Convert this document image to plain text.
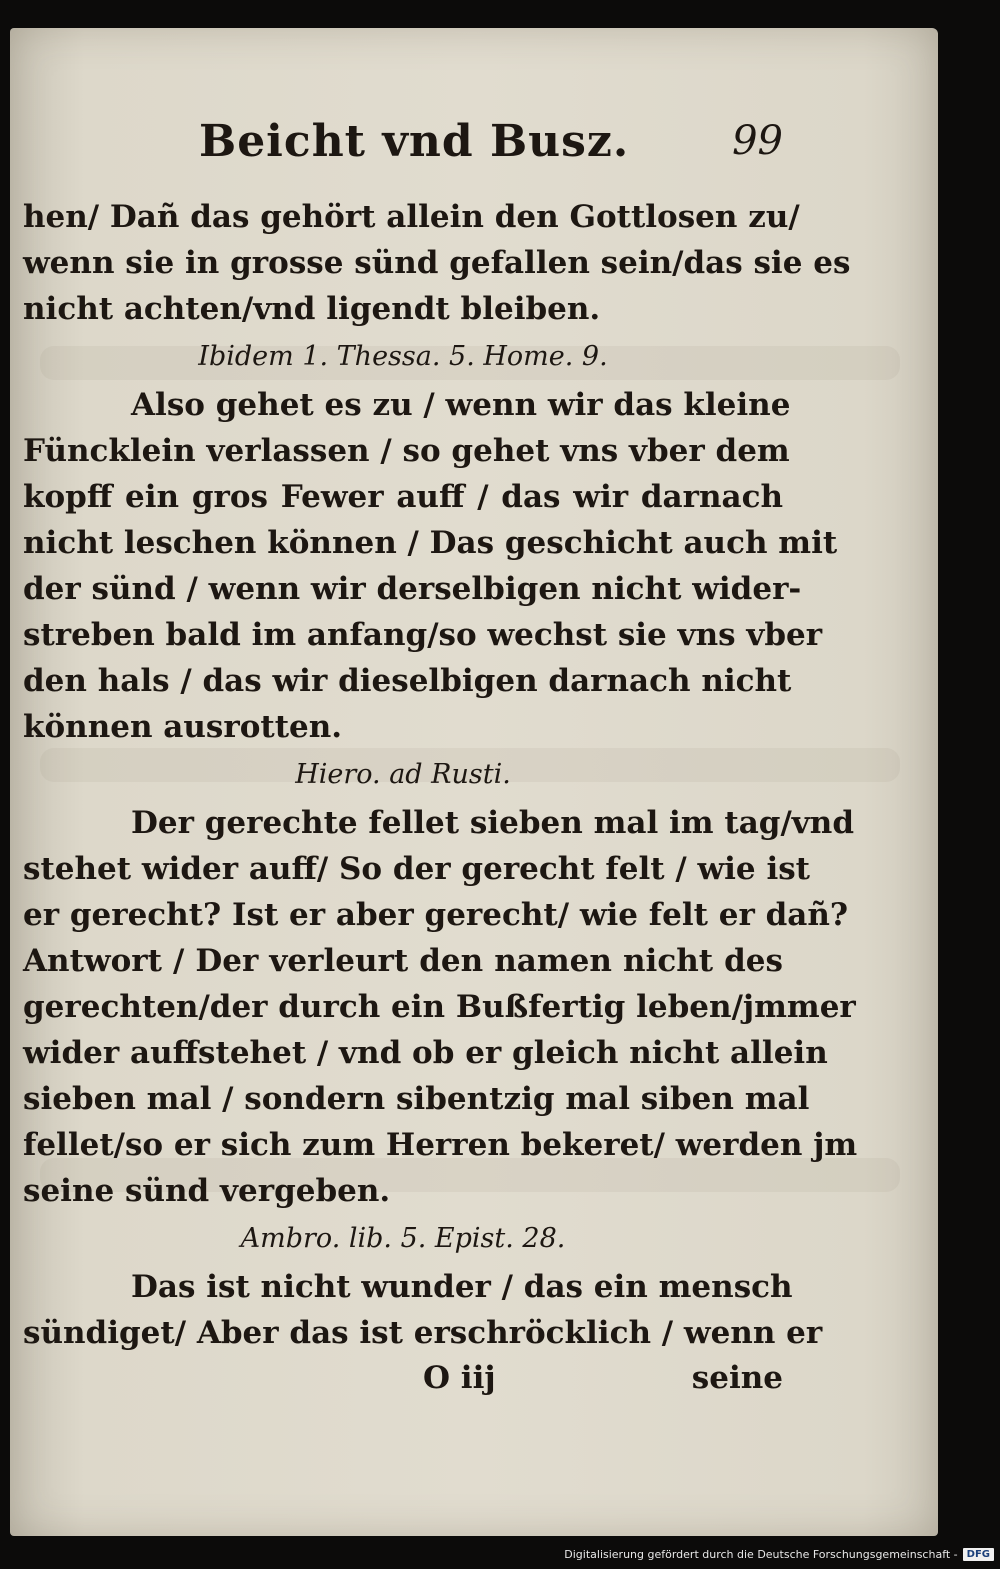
Beicht vnd Busz.	99
hen/ Dañ das gehört allein den Gottlosen zu/
wenn sie in grosse sünd gefallen sein/das sie es
nicht achten/vnd ligendt bleiben.
Ibidem 1. Thessa. 5. Home. 9.
Also gehet es zu / wenn wir das kleine
Füncklein verlassen / so gehet vns vber dem
kopff ein gros Fewer auff / das wir darnach
nicht leschen können / Das geschicht auch mit
der sünd / wenn wir derselbigen nicht wider-
streben bald im anfang/so wechst sie vns vber
den hals / das wir dieselbigen darnach nicht
können ausrotten.
Hiero. ad Rusti.
Der gerechte fellet sieben mal im tag/vnd
stehet wider auff/ So der gerecht felt / wie ist
er gerecht? Ist er aber gerecht/ wie felt er dañ?
Antwort / Der verleurt den namen nicht des
gerechten/der durch ein Bußfertig leben/jmmer
wider auffstehet / vnd ob er gleich nicht allein
sieben mal / sondern sibentzig mal siben mal
fellet/so er sich zum Herren bekeret/ werden jm
seine sünd vergeben.
Ambro. lib. 5. Epist. 28.
Das ist nicht wunder / das ein mensch
sündiget/ Aber das ist erschröcklich / wenn er
O iij	seine
Digitalisierung gefördert durch die Deutsche Forschungsgemeinschaft - DFG
